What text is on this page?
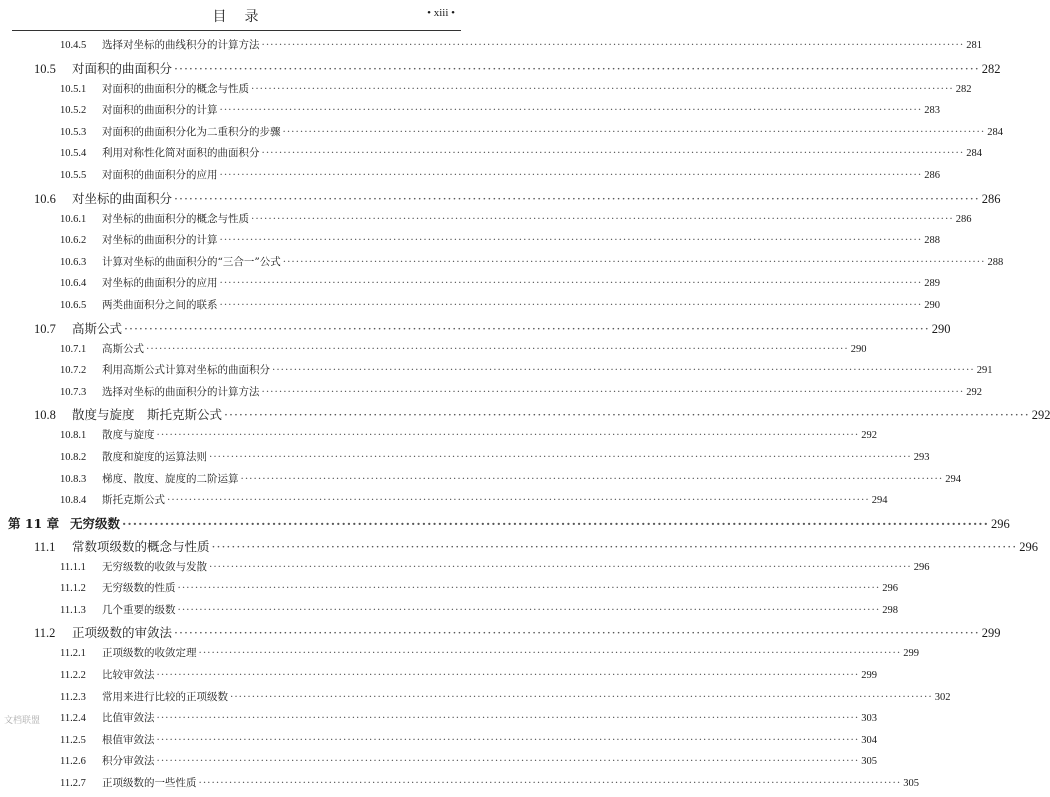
目　录	• xiii •
10.4.5	选择对坐标的曲线积分的计算方法 ·····	281
10.5	对面积的曲面积分 ·····	282
10.5.1	对面积的曲面积分的概念与性质 ·····	282
10.5.2	对面积的曲面积分的计算 ·····	283
10.5.3	对面积的曲面积分化为二重积分的步骤 ·····	284
10.5.4	利用对称性化简对面积的曲面积分 ·····	284
10.5.5	对面积的曲面积分的应用 ·····	286
10.6	对坐标的曲面积分 ·····	286
10.6.1	对坐标的曲面积分的概念与性质 ·····	286
10.6.2	对坐标的曲面积分的计算 ·····	288
10.6.3	计算对坐标的曲面积分的“三合一”公式 ·····	288
10.6.4	对坐标的曲面积分的应用 ·····	289
10.6.5	两类曲面积分之间的联系 ·····	290
10.7	高斯公式 ·····	290
10.7.1	高斯公式 ·····	290
10.7.2	利用高斯公式计算对坐标的曲面积分 ·····	291
10.7.3	选择对坐标的曲面积分的计算方法 ·····	292
10.8	散度与旋度　斯托克斯公式 ·····	292
10.8.1	散度与旋度 ·····	292
10.8.2	散度和旋度的运算法则 ·····	293
10.8.3	梯度、散度、旋度的二阶运算 ·····	294
10.8.4	斯托克斯公式 ·····	294
第 11 章 无穷级数 ·····	296
11.1	常数项级数的概念与性质 ·····	296
11.1.1	无穷级数的收敛与发散 ·····	296
11.1.2	无穷级数的性质 ·····	296
11.1.3	几个重要的级数 ·····	298
11.2	正项级数的审敛法 ·····	299
11.2.1	正项级数的收敛定理 ·····	299
11.2.2	比较审敛法 ·····	299
11.2.3	常用来进行比较的正项级数 ·····	302
11.2.4	比值审敛法 ·····	303
11.2.5	根值审敛法 ·····	304
11.2.6	积分审敛法 ·····	305
11.2.7	正项级数的一些性质 ·····	305
文档联盟
